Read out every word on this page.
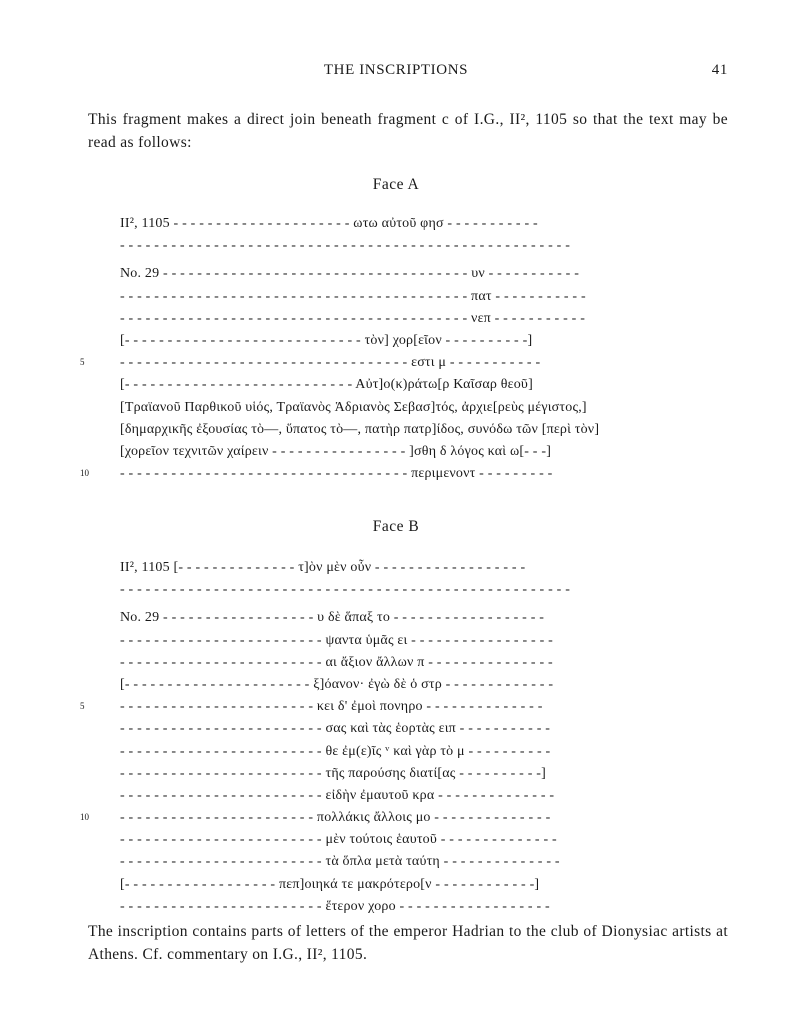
THE INSCRIPTIONS	41

This fragment makes a direct join beneath fragment c of I.G., II², 1105 so that the text may be read as follows:

Face A
II², 1105 - - - - - - - - - - - - - - - - - - - - - ωτω αὐτοῦ φησ - - - - - - - - - - -
- - - - - - - - - - - - - - - - - - - - - - - - - - - - - - - - - - - - - - - - - - - - - - - - - - - - -
No. 29 - - - - - - - - - - - - - - - - - - - - - - - - - - - - - - - - - - - - υν - - - - - - - - - - -
- - - - - - - - - - - - - - - - - - - - - - - - - - - - - - - - - - - - - - - - - πατ - - - - - - - - - - -
- - - - - - - - - - - - - - - - - - - - - - - - - - - - - - - - - - - - - - - - - νεπ - - - - - - - - - - -
[- - - - - - - - - - - - - - - - - - - - - - - - - - - - τὸν] χορ[εῖον - - - - - - - - - -]
5	- - - - - - - - - - - - - - - - - - - - - - - - - - - - - - - - - - εστι μ - - - - - - - - - - -
[- - - - - - - - - - - - - - - - - - - - - - - - - - - Αὐτ]ο(κ)ράτω[ρ Καῖσαρ θεοῦ]
[Τραϊανοῦ Παρθικοῦ υἱός, Τραϊανὸς Ἁδριανὸς Σεβασ]τός, ἀρχιε[ρεὺς μέγιστος,]
[δημαρχικῆς ἐξουσίας τὸ—, ὕπατος τὸ—, πατὴρ πατρ]ίδος, συνόδω τῶν [περὶ τὸν]
[χορεῖον τεχνιτῶν χαίρειν - - - - - - - - - - - - - - - - ]σθη δ λόγος καὶ ω[- - -]
10	- - - - - - - - - - - - - - - - - - - - - - - - - - - - - - - - - - περιμενοντ - - - - - - - - -
Face B
II², 1105 [- - - - - - - - - - - - - - τ]ὸν μὲν οὖν - - - - - - - - - - - - - - - - - -
- - - - - - - - - - - - - - - - - - - - - - - - - - - - - - - - - - - - - - - - - - - - - - - - - - - - -
No. 29 - - - - - - - - - - - - - - - - - - υ δὲ ἅπαξ το - - - - - - - - - - - - - - - - - -
- - - - - - - - - - - - - - - - - - - - - - - - ψαντα ὑμᾶς ει - - - - - - - - - - - - - - - - -
- - - - - - - - - - - - - - - - - - - - - - - - αι ἄξιον ἄλλων π - - - - - - - - - - - - - - -
[- - - - - - - - - - - - - - - - - - - - - - ξ]όανον· ἐγὼ δὲ ὁ στρ - - - - - - - - - - - - -
5	- - - - - - - - - - - - - - - - - - - - - - - κει δ' ἐμοὶ πονηρο - - - - - - - - - - - - - -
- - - - - - - - - - - - - - - - - - - - - - - - σας καὶ τὰς ἑορτὰς ειπ - - - - - - - - - - -
- - - - - - - - - - - - - - - - - - - - - - - - θε ἐμ(ε)ῖς ᵛ καὶ γὰρ τὸ μ - - - - - - - - - -
- - - - - - - - - - - - - - - - - - - - - - - - τῆς παρούσης διατί[ας - - - - - - - - - -]
- - - - - - - - - - - - - - - - - - - - - - - - εἰδὴν ἐμαυτοῦ κρα - - - - - - - - - - - - - -
10	- - - - - - - - - - - - - - - - - - - - - - - πολλάκις ἄλλοις μο - - - - - - - - - - - - - -
- - - - - - - - - - - - - - - - - - - - - - - - μὲν τούτοις ἑαυτοῦ - - - - - - - - - - - - - -
- - - - - - - - - - - - - - - - - - - - - - - - τὰ ὅπλα μετὰ ταύτη - - - - - - - - - - - - - -
[- - - - - - - - - - - - - - - - - - πεπ]οιηκά τε μακρότερο[ν - - - - - - - - - - - -]
- - - - - - - - - - - - - - - - - - - - - - - - ἕτερον χορο - - - - - - - - - - - - - - - - - -

The inscription contains parts of letters of the emperor Hadrian to the club of Dionysiac artists at Athens. Cf. commentary on I.G., II², 1105.
